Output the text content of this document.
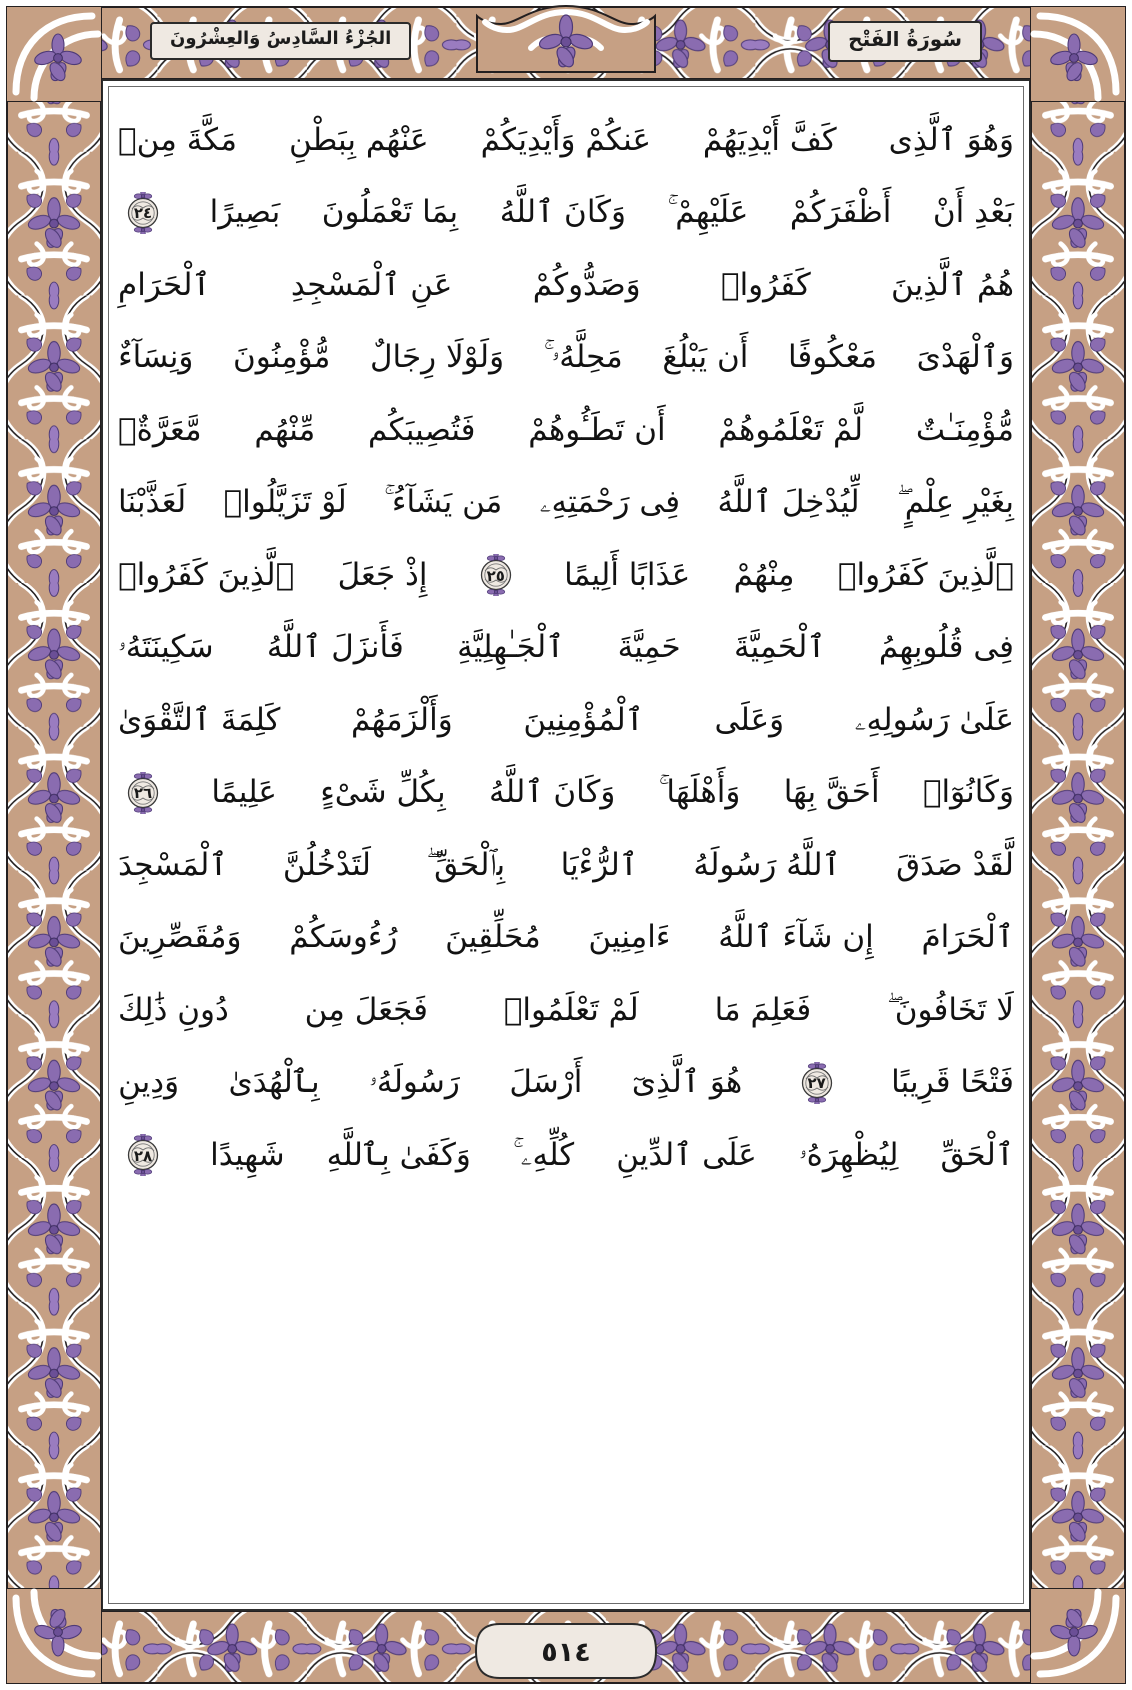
سُورَةُ الفَتْح
الجُزْءُ السَّادِسُ وَالعِشْرُونَ
وَهُوَ ٱلَّذِى
كَفَّ أَيْدِيَهُمْ
عَنكُمْ وَأَيْدِيَكُمْ
عَنْهُم بِبَطْنِ
مَكَّةَ مِنۢ
بَعْدِ أَنْ
أَظْفَرَكُمْ
عَلَيْهِمْ ۚ
وَكَانَ ٱللَّهُ
بِمَا تَعْمَلُونَ
بَصِيرًا
٢٤
هُمُ ٱلَّذِينَ
كَفَرُوا۟
وَصَدُّوكُمْ
عَنِ ٱلْمَسْجِدِ
ٱلْحَرَامِ
وَٱلْهَدْىَ
مَعْكُوفًا
أَن يَبْلُغَ
مَحِلَّهُۥ ۚ
وَلَوْلَا رِجَالٌ
مُّؤْمِنُونَ
وَنِسَآءٌ
مُّؤْمِنَـٰتٌ
لَّمْ تَعْلَمُوهُمْ
أَن تَطَـُٔوهُمْ
فَتُصِيبَكُم
مِّنْهُم
مَّعَرَّةٌۢ
بِغَيْرِ عِلْمٍ ۖ
لِّيُدْخِلَ ٱللَّهُ
فِى رَحْمَتِهِۦ
مَن يَشَآءُ ۚ
لَوْ تَزَيَّلُوا۟
لَعَذَّبْنَا
ٱلَّذِينَ كَفَرُوا۟
مِنْهُمْ
عَذَابًا أَلِيمًا
٢٥
إِذْ جَعَلَ
ٱلَّذِينَ كَفَرُوا۟
فِى قُلُوبِهِمُ
ٱلْحَمِيَّةَ
حَمِيَّةَ
ٱلْجَـٰهِلِيَّةِ
فَأَنزَلَ ٱللَّهُ
سَكِينَتَهُۥ
عَلَىٰ رَسُولِهِۦ
وَعَلَى
ٱلْمُؤْمِنِينَ
وَأَلْزَمَهُمْ
كَلِمَةَ ٱلتَّقْوَىٰ
وَكَانُوٓا۟
أَحَقَّ بِهَا
وَأَهْلَهَا ۚ
وَكَانَ ٱللَّهُ
بِكُلِّ شَىْءٍ
عَلِيمًا
٢٦
لَّقَدْ صَدَقَ
ٱللَّهُ رَسُولَهُ
ٱلرُّءْيَا
بِٱلْحَقِّ ۖ
لَتَدْخُلُنَّ
ٱلْمَسْجِدَ
ٱلْحَرَامَ
إِن شَآءَ ٱللَّهُ
ءَامِنِينَ
مُحَلِّقِينَ
رُءُوسَكُمْ
وَمُقَصِّرِينَ
لَا تَخَافُونَ ۖ
فَعَلِمَ مَا
لَمْ تَعْلَمُوا۟
فَجَعَلَ مِن
دُونِ ذَٰلِكَ
فَتْحًا قَرِيبًا
٢٧
هُوَ ٱلَّذِىٓ
أَرْسَلَ
رَسُولَهُۥ
بِٱلْهُدَىٰ
وَدِينِ
ٱلْحَقِّ
لِيُظْهِرَهُۥ
عَلَى ٱلدِّينِ
كُلِّهِۦ ۚ
وَكَفَىٰ بِٱللَّهِ
شَهِيدًا
٢٨
٥١٤
